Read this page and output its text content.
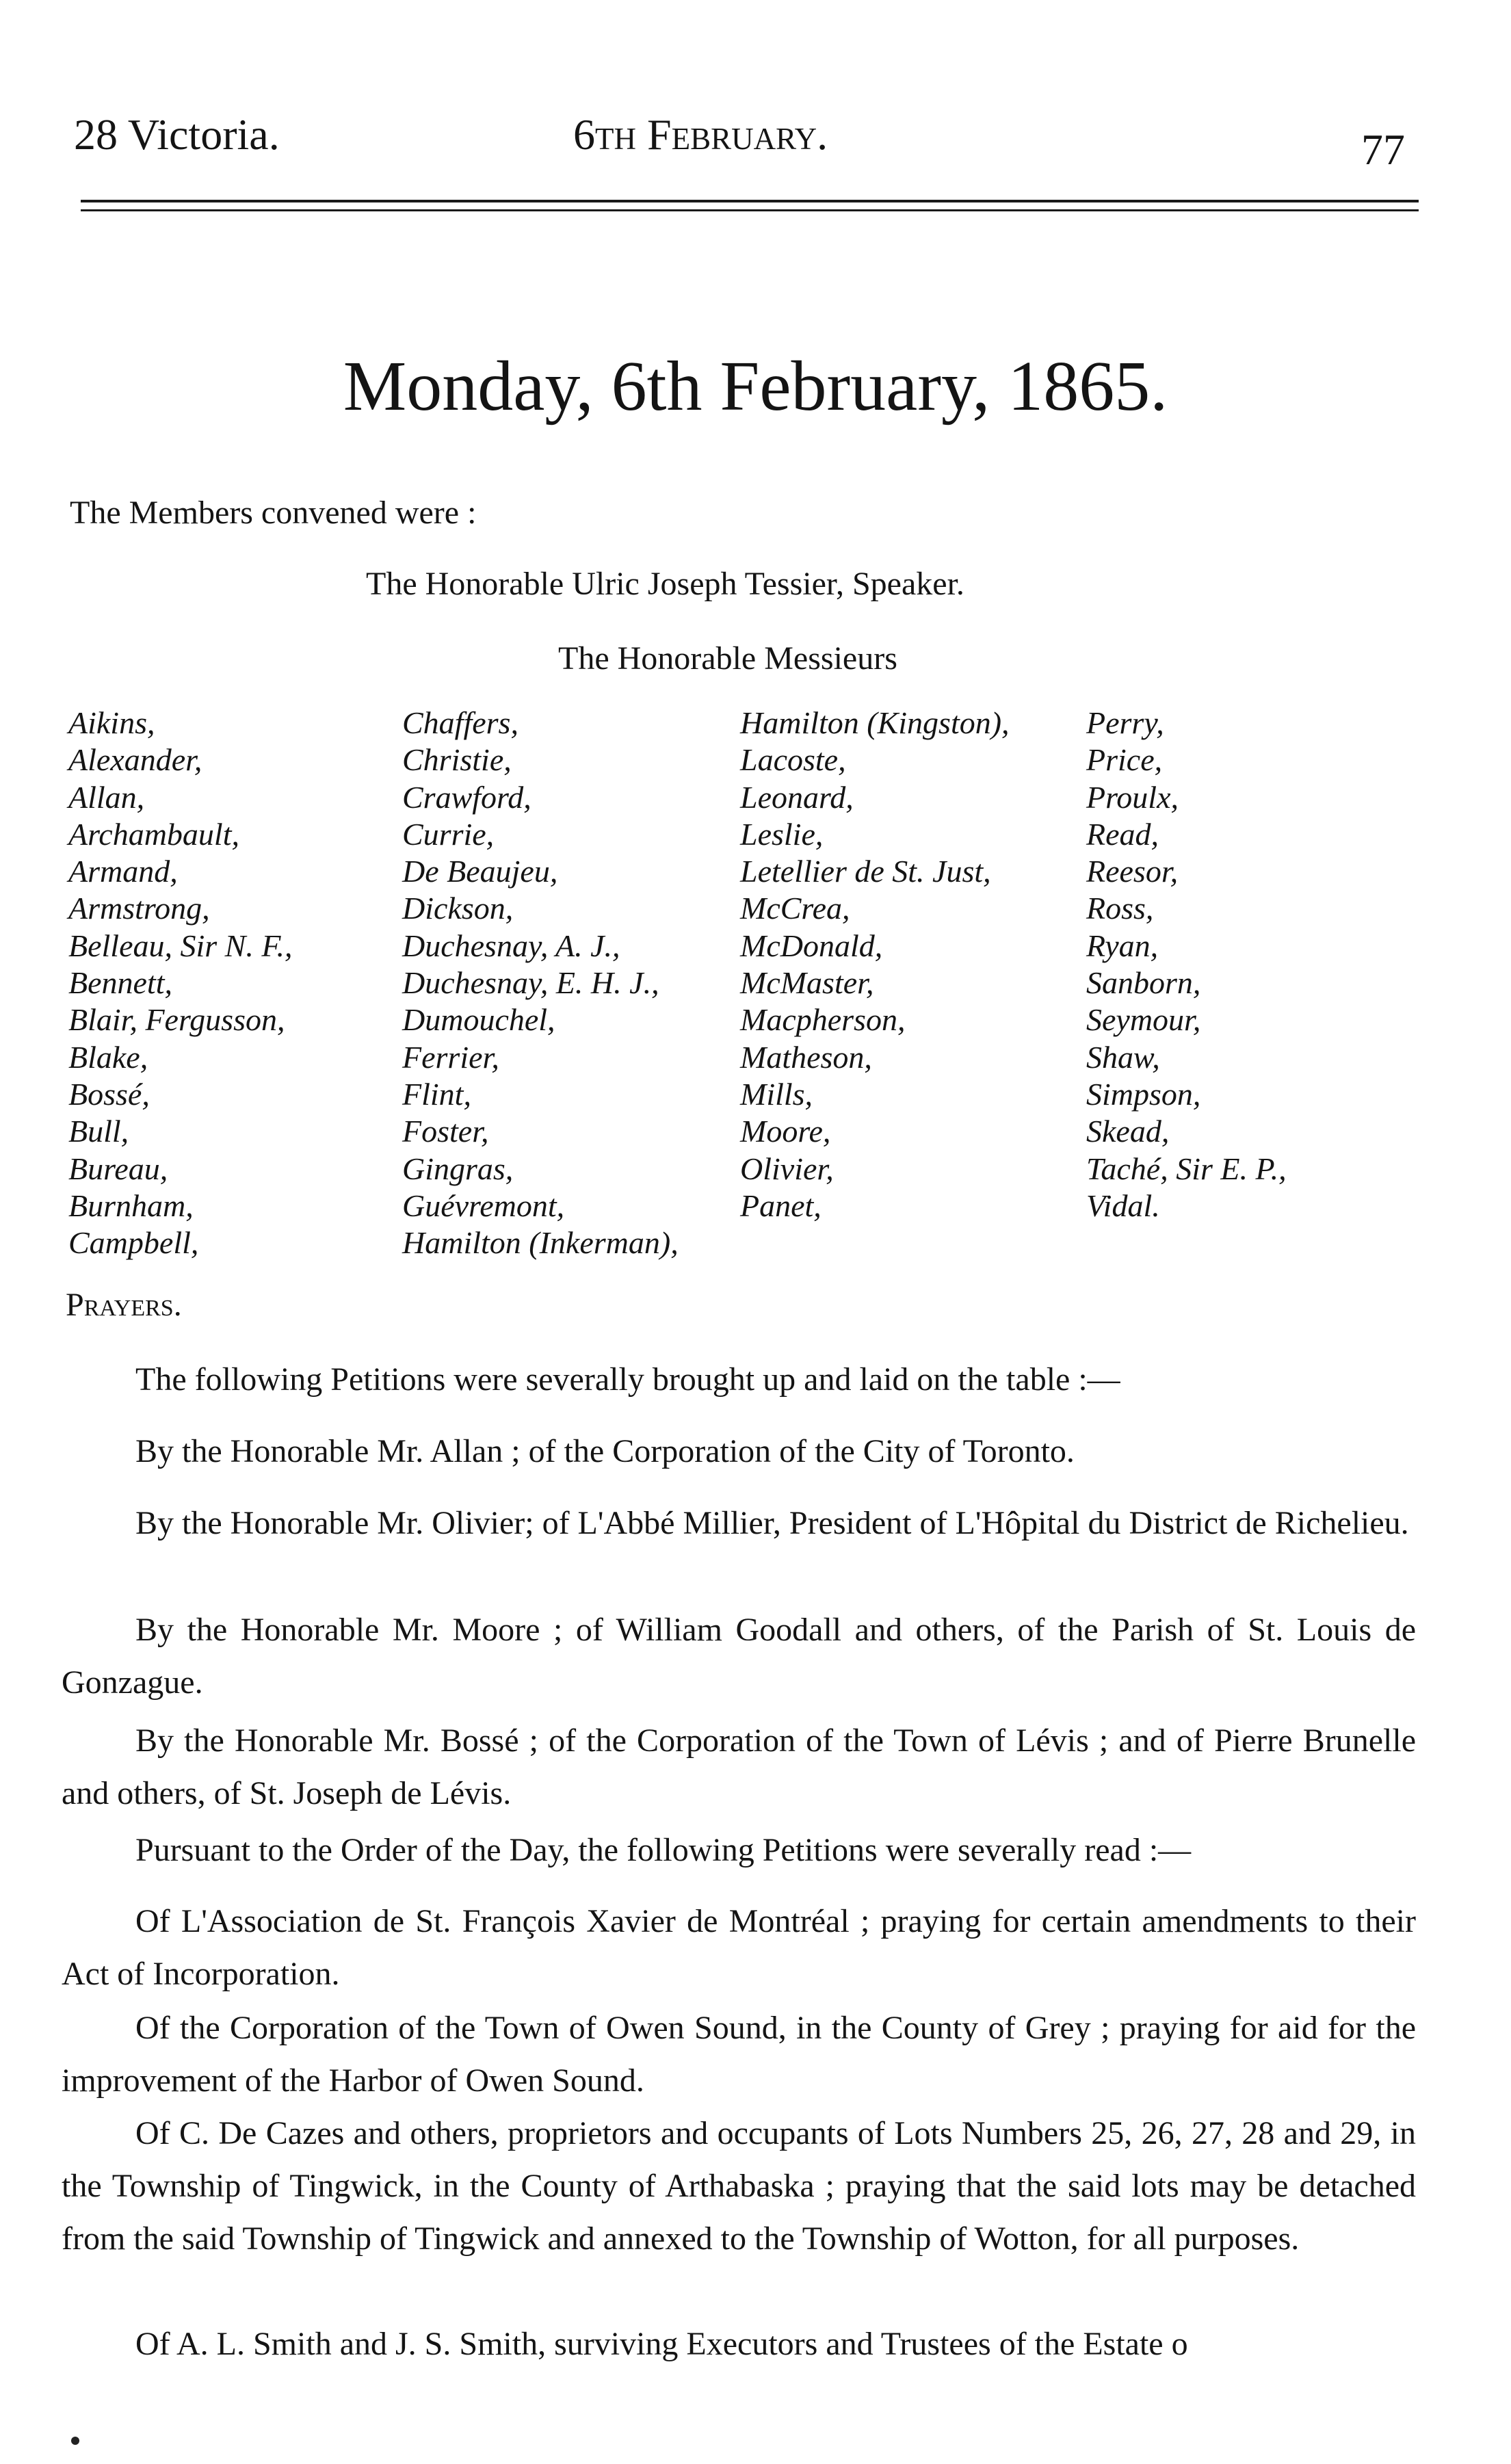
28 Victoria.	6th February.	77
Monday, 6th February, 1865.
The Members convened were :
The Honorable Ulric Joseph Tessier, Speaker.
The Honorable Messieurs
Aikins,
Alexander,
Allan,
Archambault,
Armand,
Armstrong,
Belleau, Sir N. F.,
Bennett,
Blair, Fergusson,
Blake,
Bossé,
Bull,
Bureau,
Burnham,
Campbell,
Chaffers,
Christie,
Crawford,
Currie,
De Beaujeu,
Dickson,
Duchesnay, A. J.,
Duchesnay, E. H. J.,
Dumouchel,
Ferrier,
Flint,
Foster,
Gingras,
Guévremont,
Hamilton (Inkerman),
Hamilton (Kingston),
Lacoste,
Leonard,
Leslie,
Letellier de St. Just,
McCrea,
McDonald,
McMaster,
Macpherson,
Matheson,
Mills,
Moore,
Olivier,
Panet,
Perry,
Price,
Proulx,
Read,
Reesor,
Ross,
Ryan,
Sanborn,
Seymour,
Shaw,
Simpson,
Skead,
Taché, Sir E. P.,
Vidal.
Prayers.

The following Petitions were severally brought up and laid on the table :—

By the Honorable Mr. Allan ; of the Corporation of the City of Toronto.

By the Honorable Mr. Olivier; of L'Abbé Millier, President of L'Hôpital du District de Richelieu.

By the Honorable Mr. Moore ; of William Goodall and others, of the Parish of St. Louis de Gonzague.

By the Honorable Mr. Bossé ; of the Corporation of the Town of Lévis ; and of Pierre Brunelle and others, of St. Joseph de Lévis.

Pursuant to the Order of the Day, the following Petitions were severally read :—

Of L'Association de St. François Xavier de Montréal ; praying for certain amendments to their Act of Incorporation.

Of the Corporation of the Town of Owen Sound, in the County of Grey ; praying for aid for the improvement of the Harbor of Owen Sound.

Of C. De Cazes and others, proprietors and occupants of Lots Numbers 25, 26, 27, 28 and 29, in the Township of Tingwick, in the County of Arthabaska ; praying that the said lots may be detached from the said Township of Tingwick and annexed to the Township of Wotton, for all purposes.

Of A. L. Smith and J. S. Smith, surviving Executors and Trustees of the Estate o
